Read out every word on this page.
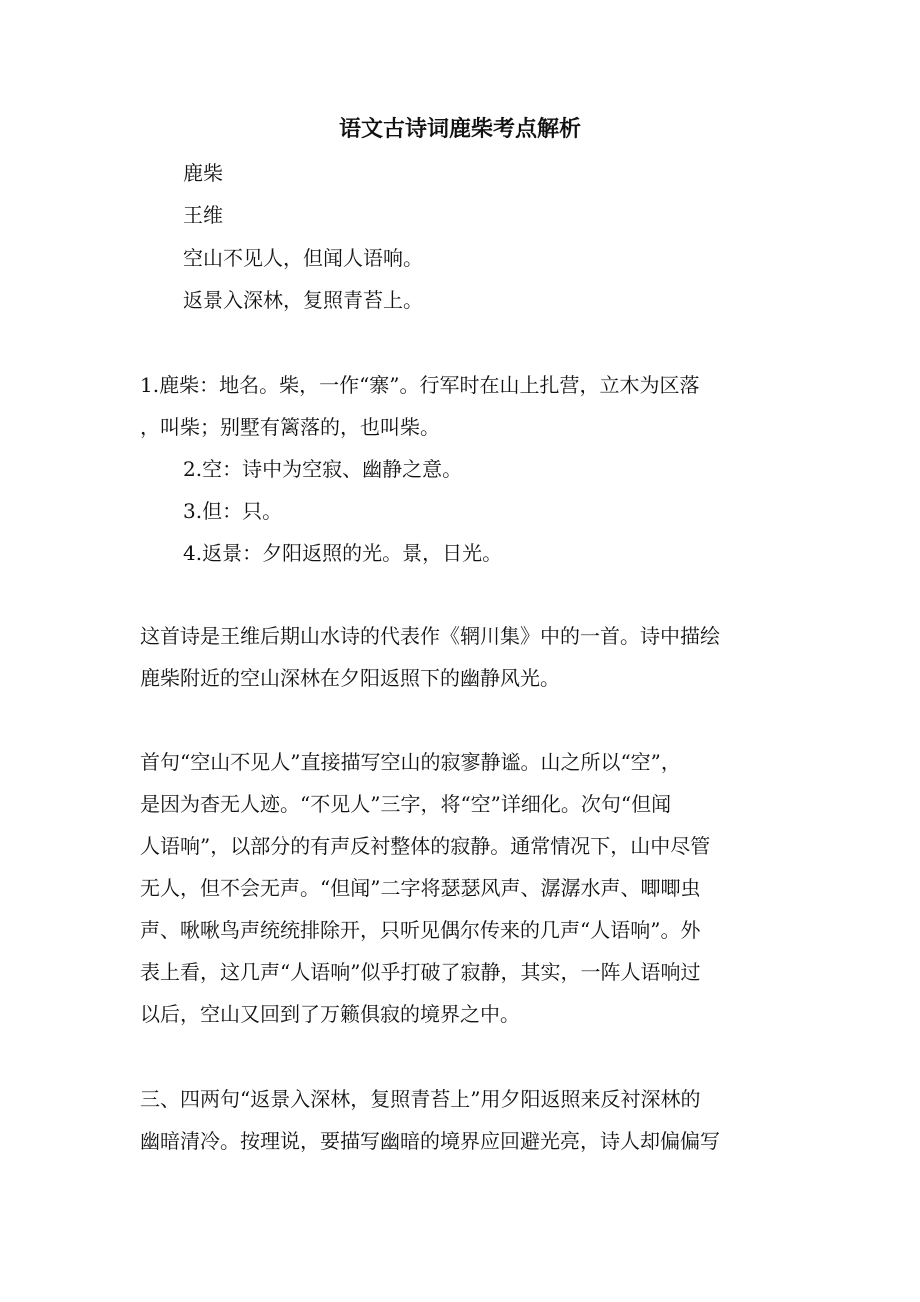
语文古诗词鹿柴考点解析
鹿柴
王维
空山不见人，但闻人语响。
返景入深林，复照青苔上。
1.鹿柴：地名。柴，一作“寨”。行军时在山上扎营，立木为区落
，叫柴；别墅有篱落的，也叫柴。
2.空：诗中为空寂、幽静之意。
3.但：只。
4.返景：夕阳返照的光。景，日光。
这首诗是王维后期山水诗的代表作《辋川集》中的一首。诗中描绘
鹿柴附近的空山深林在夕阳返照下的幽静风光。
首句“空山不见人”直接描写空山的寂寥静谧。山之所以“空”，
是因为杳无人迹。“不见人”三字，将“空”详细化。次句“但闻
人语响”，以部分的有声反衬整体的寂静。通常情况下，山中尽管
无人，但不会无声。“但闻”二字将瑟瑟风声、潺潺水声、唧唧虫
声、啾啾鸟声统统排除开，只听见偶尔传来的几声“人语响”。外
表上看，这几声“人语响”似乎打破了寂静，其实，一阵人语响过
以后，空山又回到了万籁俱寂的境界之中。
三、四两句“返景入深林，复照青苔上”用夕阳返照来反衬深林的
幽暗清冷。按理说，要描写幽暗的境界应回避光亮，诗人却偏偏写
